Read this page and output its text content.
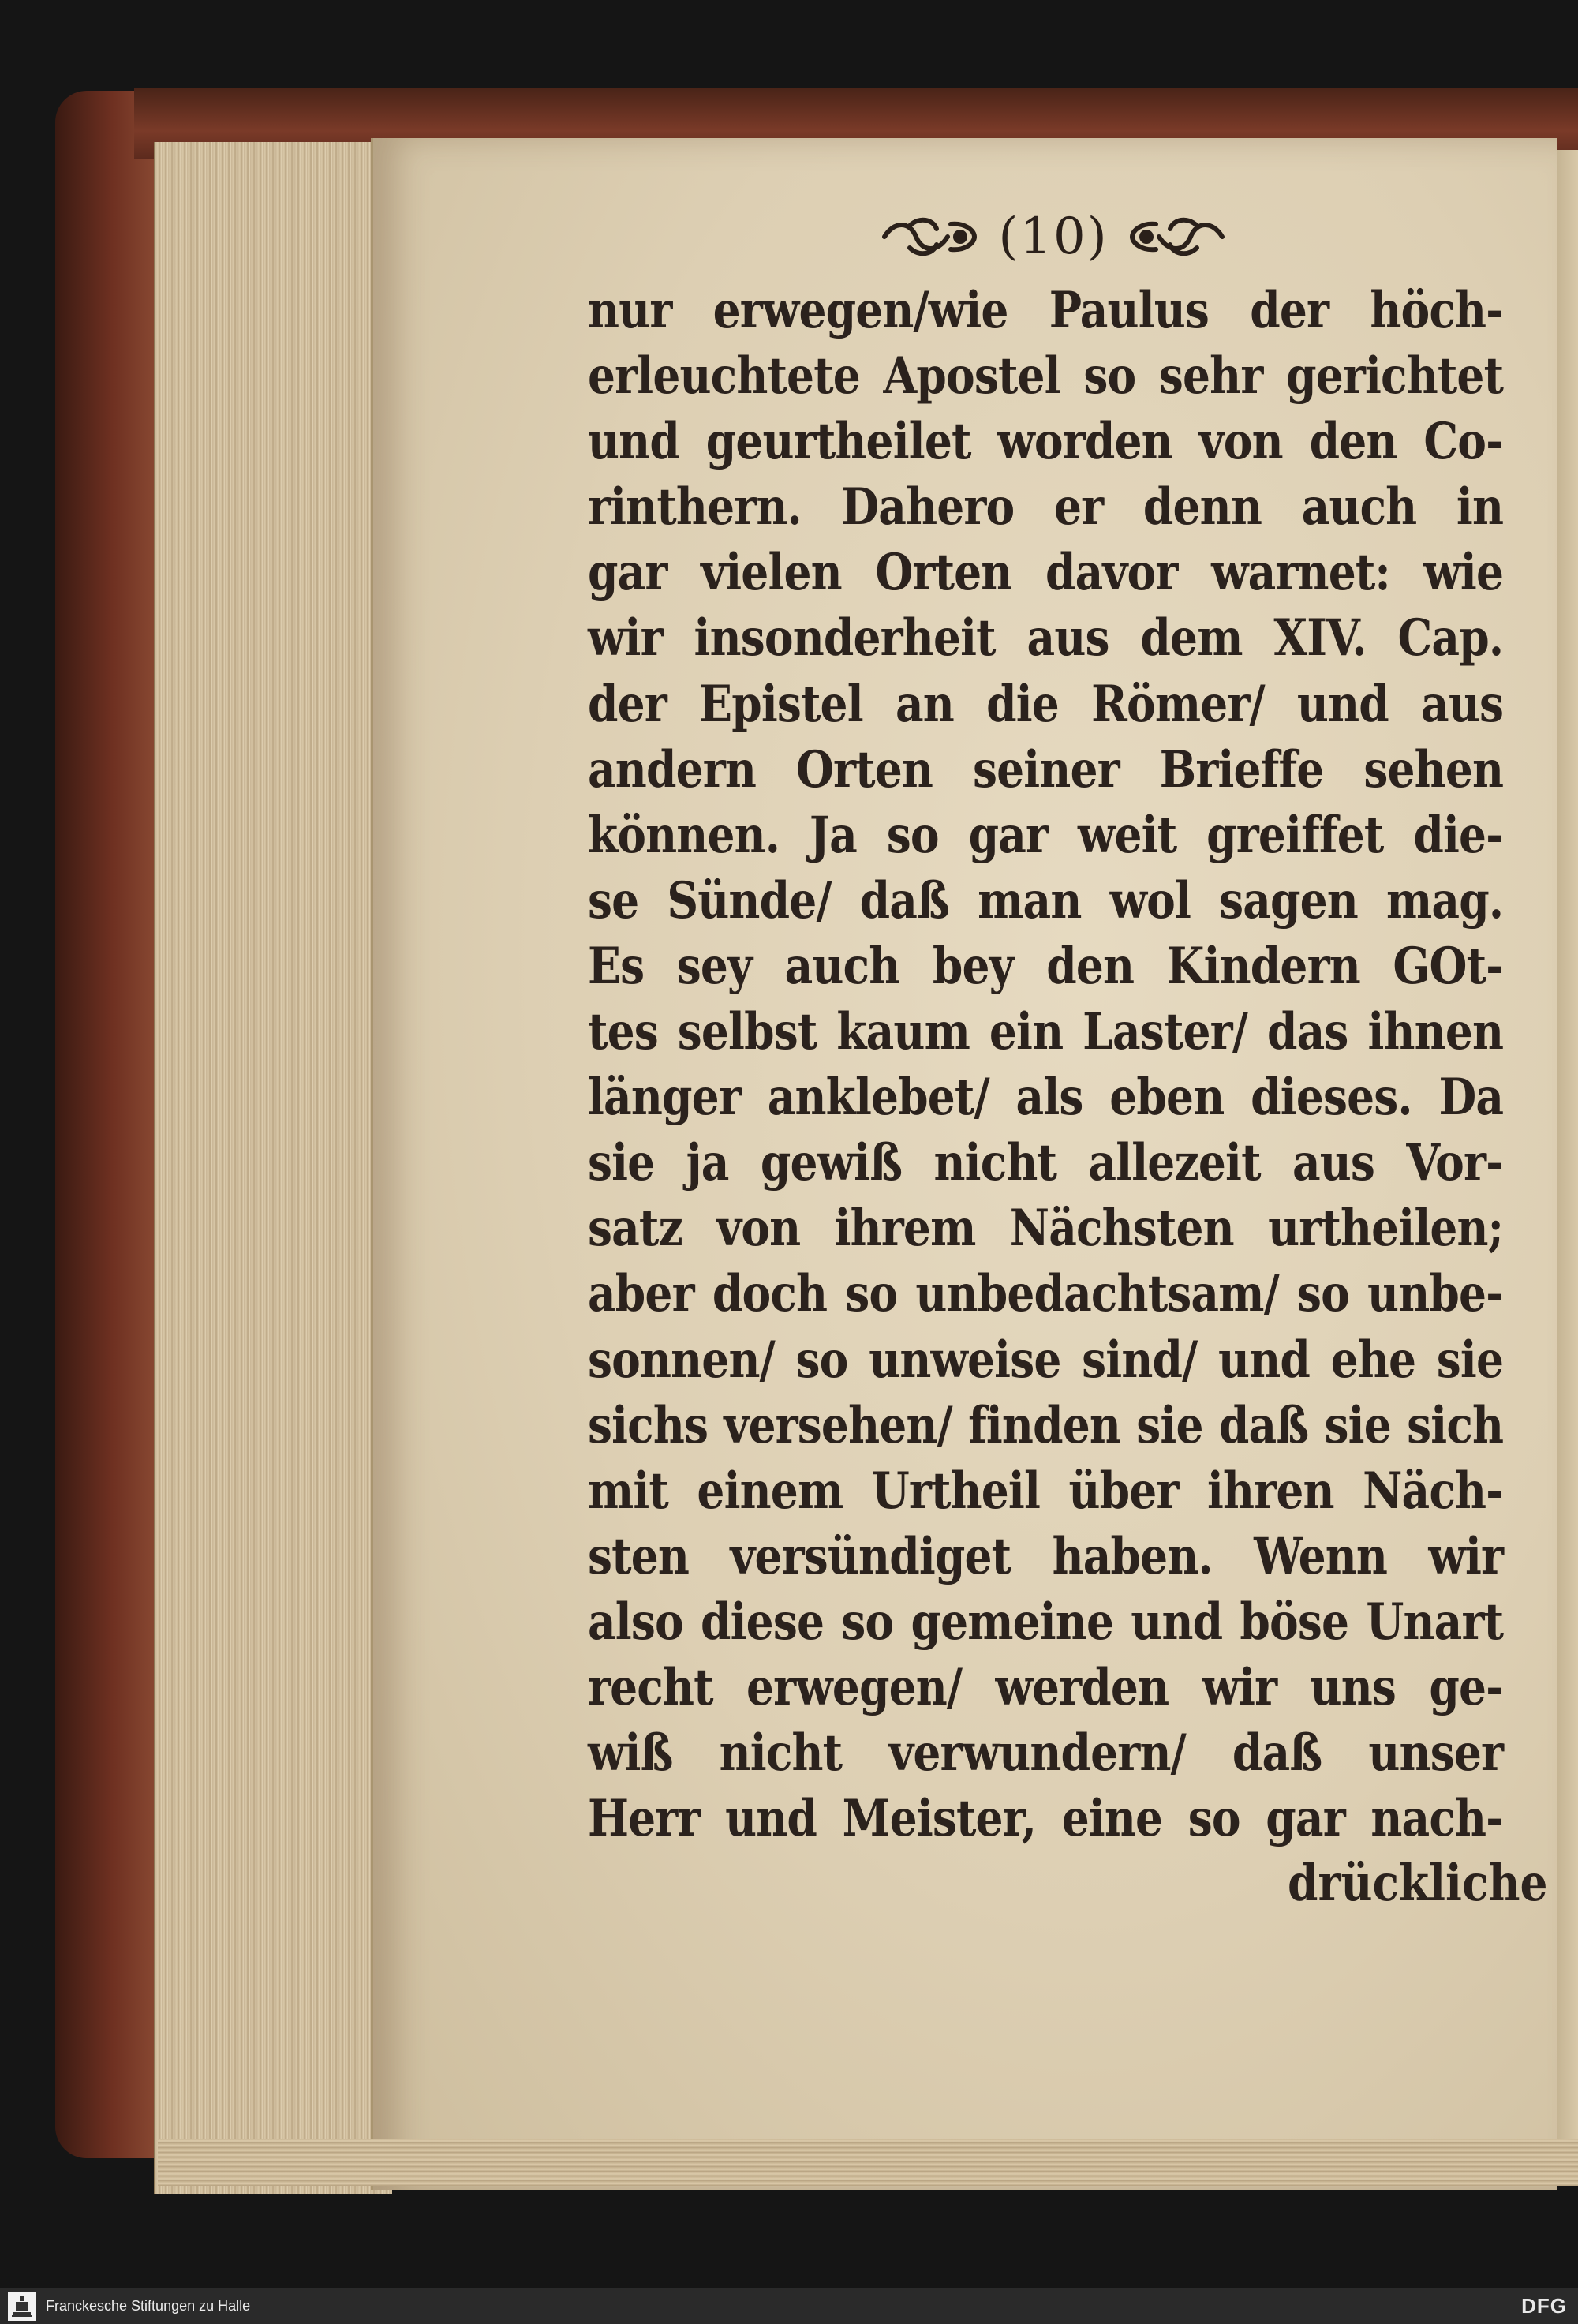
(10)
nur erwegen/wie Paulus der höch-
erleuchtete Apostel so sehr gerichtet
und geurtheilet worden von den Co-
rinthern. Dahero er denn auch in
gar vielen Orten davor warnet: wie
wir insonderheit aus dem XIV. Cap.
der Epistel an die Römer/ und aus
andern Orten seiner Brieffe sehen
können. Ja so gar weit greiffet die-
se Sünde/ daß man wol sagen mag.
Es sey auch bey den Kindern GOt-
tes selbst kaum ein Laster/ das ihnen
länger anklebet/ als eben dieses. Da
sie ja gewiß nicht allezeit aus Vor-
satz von ihrem Nächsten urtheilen;
aber doch so unbedachtsam/ so unbe-
sonnen/ so unweise sind/ und ehe sie
sichs versehen/ finden sie daß sie sich
mit einem Urtheil über ihren Näch-
sten versündiget haben. Wenn wir
also diese so gemeine und böse Unart
recht erwegen/ werden wir uns ge-
wiß nicht verwundern/ daß unser
Herr und Meister, eine so gar nach-
drückliche
Franckesche Stiftungen zu Halle	DFG
